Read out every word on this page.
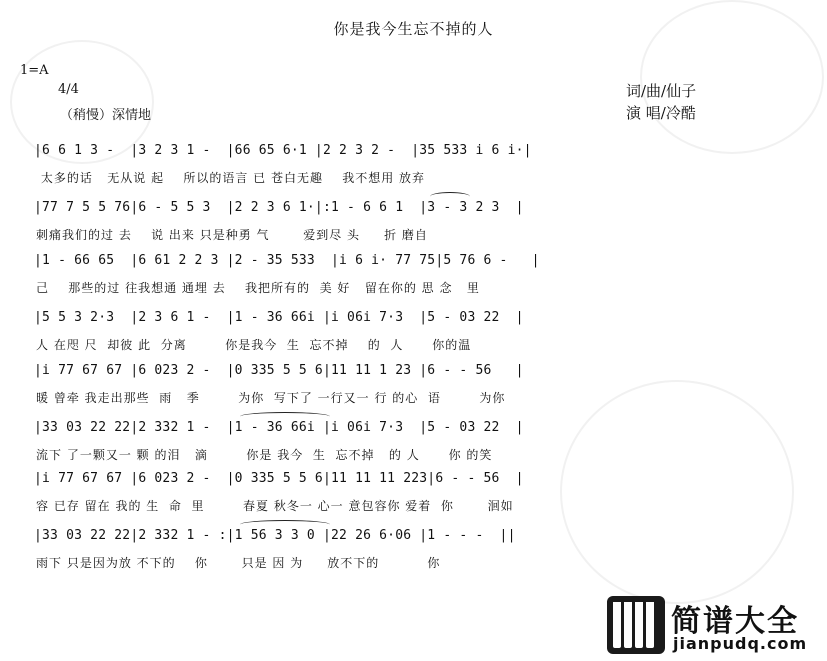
你是我今生忘不掉的人
1=A
4/4
（稍慢）深情地
词/曲/仙子
演 唱/冷酷
|6 6 1 3 -  |3 2 3 1 -  |66 65 6·1 |2 2 3 2 -  |35 533 i 6 i·|
太多的话   无从说 起    所以的语言 已 苍白无趣    我不想用 放弃
|77 7 5 5 76|6 - 5 5 3  |2 2 3 6 1·|:1 - 6 6 1  |3 - 3 2 3  |
刺痛我们的过 去    说 出来 只是种勇 气       爱到尽 头     折 磨自
|1 - 66 65  |6 61 2 2 3 |2 - 35 533  |i 6 i· 77 75|5 76 6 -   |
己    那些的过 往我想通 通埋 去    我把所有的  美 好   留在你的 思 念   里
|5 5 3 2·3  |2 3 6 1 -  |1 - 36 66i |i 06i 7·3  |5 - 03 22  |
人 在咫 尺  却彼 此  分离        你是我今  生  忘不掉    的  人      你的温
|i 77 67 67 |6 023 2 -  |0 335 5 5 6|11 11 1 23 |6 - - 56   |
暖 曾牵 我走出那些  雨   季        为你  写下了 一行又一 行 的心  语        为你
|33 03 22 22|2 332 1 -  |1 - 36 66i |i 06i 7·3  |5 - 03 22  |
流下 了一颗又一 颗 的泪   滴        你是 我今  生  忘不掉   的 人      你 的笑
|i 77 67 67 |6 023 2 -  |0 335 5 5 6|11 11 11 223|6 - - 56  |
容 已存 留在 我的 生  命  里        春夏 秋冬一 心一 意包容你 爱着  你       洄如
|33 03 22 22|2 332 1 - :|1 56 3 3 0 |22 26 6·06 |1 - - -  ||
雨下 只是因为放 不下的    你       只是 因 为     放不下的          你
简谱大全
jianpudq.com
